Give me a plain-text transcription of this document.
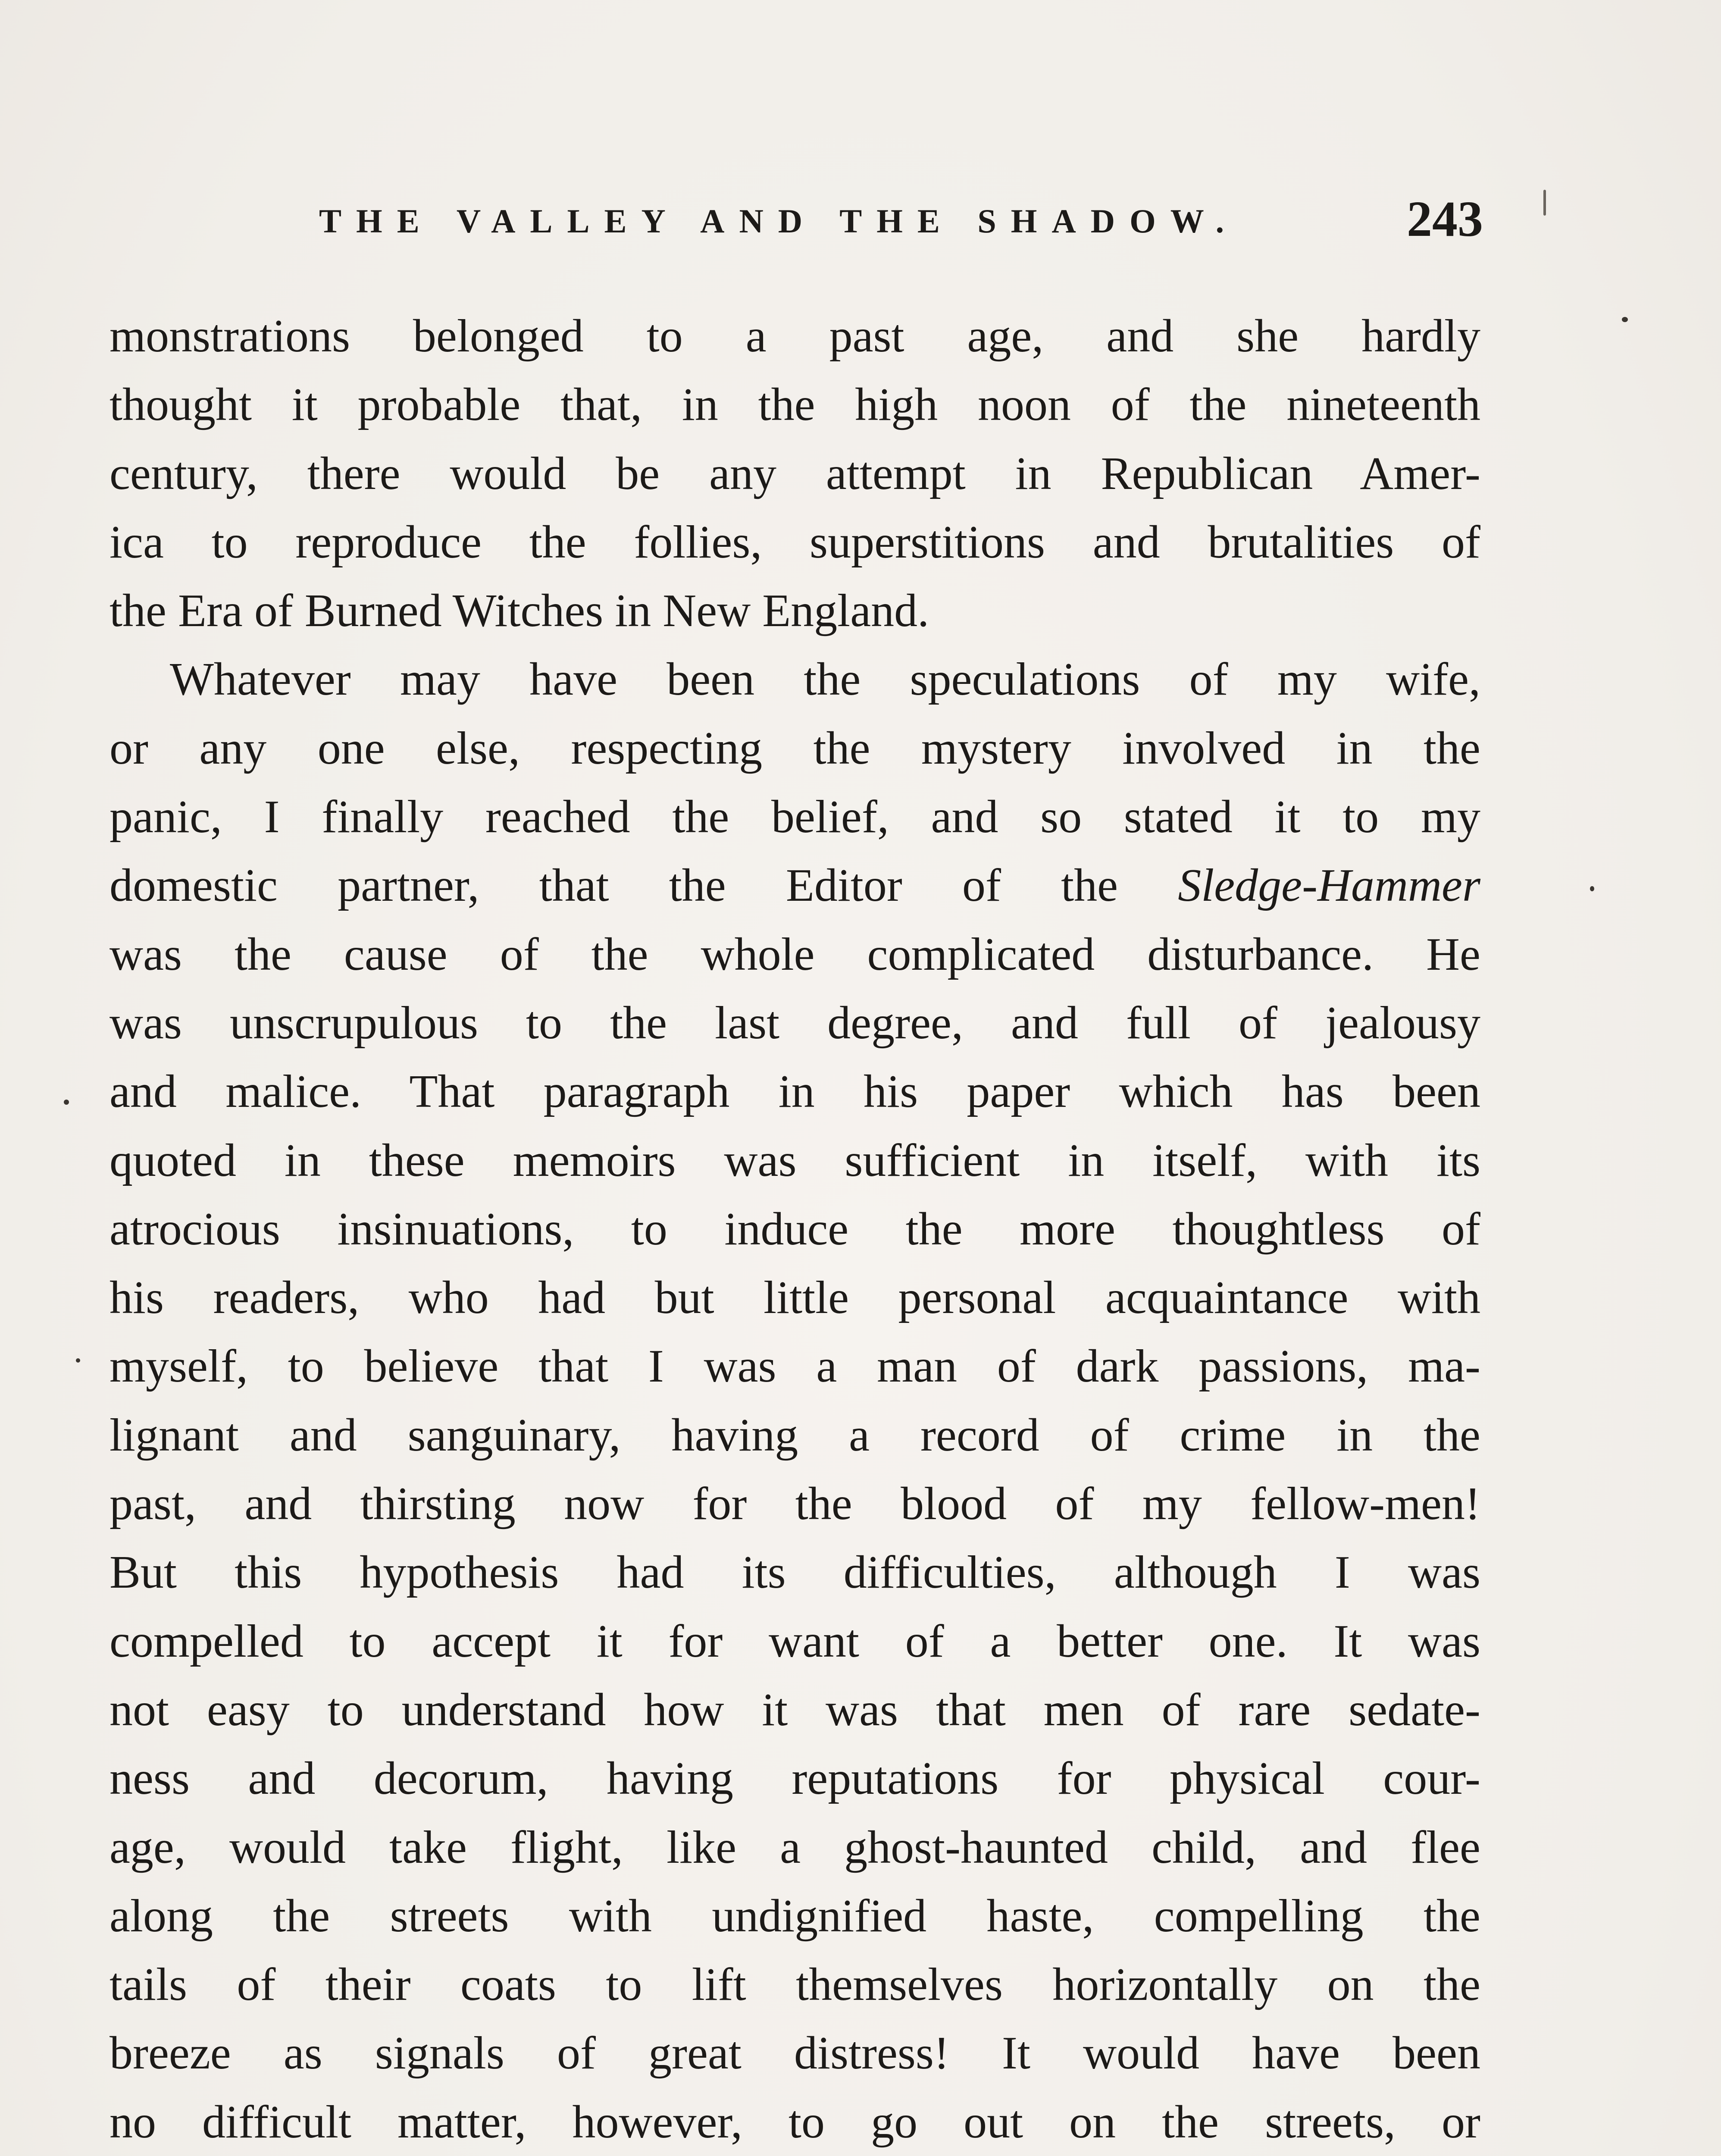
THE VALLEY AND THE SHADOW.	243
monstrations belonged to a past age, and she hardly
thought it probable that, in the high noon of the nineteenth
century, there would be any attempt in Republican Amer-
ica to reproduce the follies, superstitions and brutalities of
the Era of Burned Witches in New England.
Whatever may have been the speculations of my wife,
or any one else, respecting the mystery involved in the
panic, I finally reached the belief, and so stated it to my
domestic partner, that the Editor of the Sledge-Hammer
was the cause of the whole complicated disturbance. He
was unscrupulous to the last degree, and full of jealousy
and malice. That paragraph in his paper which has been
quoted in these memoirs was sufficient in itself, with its
atrocious insinuations, to induce the more thoughtless of
his readers, who had but little personal acquaintance with
myself, to believe that I was a man of dark passions, ma-
lignant and sanguinary, having a record of crime in the
past, and thirsting now for the blood of my fellow-men!
But this hypothesis had its difficulties, although I was
compelled to accept it for want of a better one. It was
not easy to understand how it was that men of rare sedate-
ness and decorum, having reputations for physical cour-
age, would take flight, like a ghost-haunted child, and flee
along the streets with undignified haste, compelling the
tails of their coats to lift themselves horizontally on the
breeze as signals of great distress! It would have been
no difficult matter, however, to go out on the streets, or
